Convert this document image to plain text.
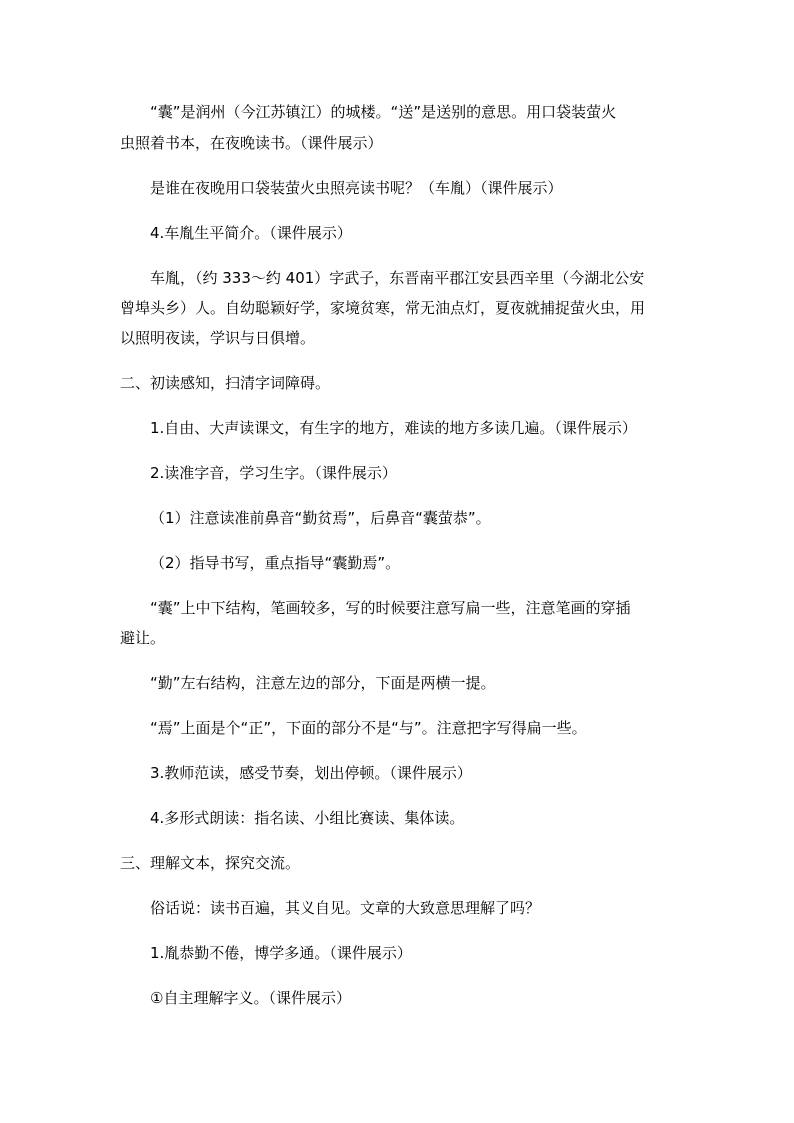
“囊”是润州（今江苏镇江）的城楼。“送”是送别的意思。用口袋装萤火
虫照着书本，在夜晚读书。（课件展示）
是谁在夜晚用口袋装萤火虫照亮读书呢？（车胤）（课件展示）
4.车胤生平简介。（课件展示）
车胤，（约 333～约 401）字武子，东晋南平郡江安县西辛里（今湖北公安
曾埠头乡）人。自幼聪颖好学，家境贫寒，常无油点灯，夏夜就捕捉萤火虫，用
以照明夜读，学识与日俱增。
二、初读感知，扫清字词障碍。
1.自由、大声读课文，有生字的地方，难读的地方多读几遍。（课件展示）
2.读准字音，学习生字。（课件展示）
（1）注意读准前鼻音“勤贫焉”，后鼻音“囊萤恭”。
（2）指导书写，重点指导“囊勤焉”。
“囊”上中下结构，笔画较多，写的时候要注意写扁一些，注意笔画的穿插
避让。
“勤”左右结构，注意左边的部分，下面是两横一提。
“焉”上面是个“正”，下面的部分不是“与”。注意把字写得扁一些。
3.教师范读，感受节奏，划出停顿。（课件展示）
4.多形式朗读：指名读、小组比赛读、集体读。
三、理解文本，探究交流。
俗话说：读书百遍，其义自见。文章的大致意思理解了吗？
1.胤恭勤不倦，博学多通。（课件展示）
①自主理解字义。（课件展示）
